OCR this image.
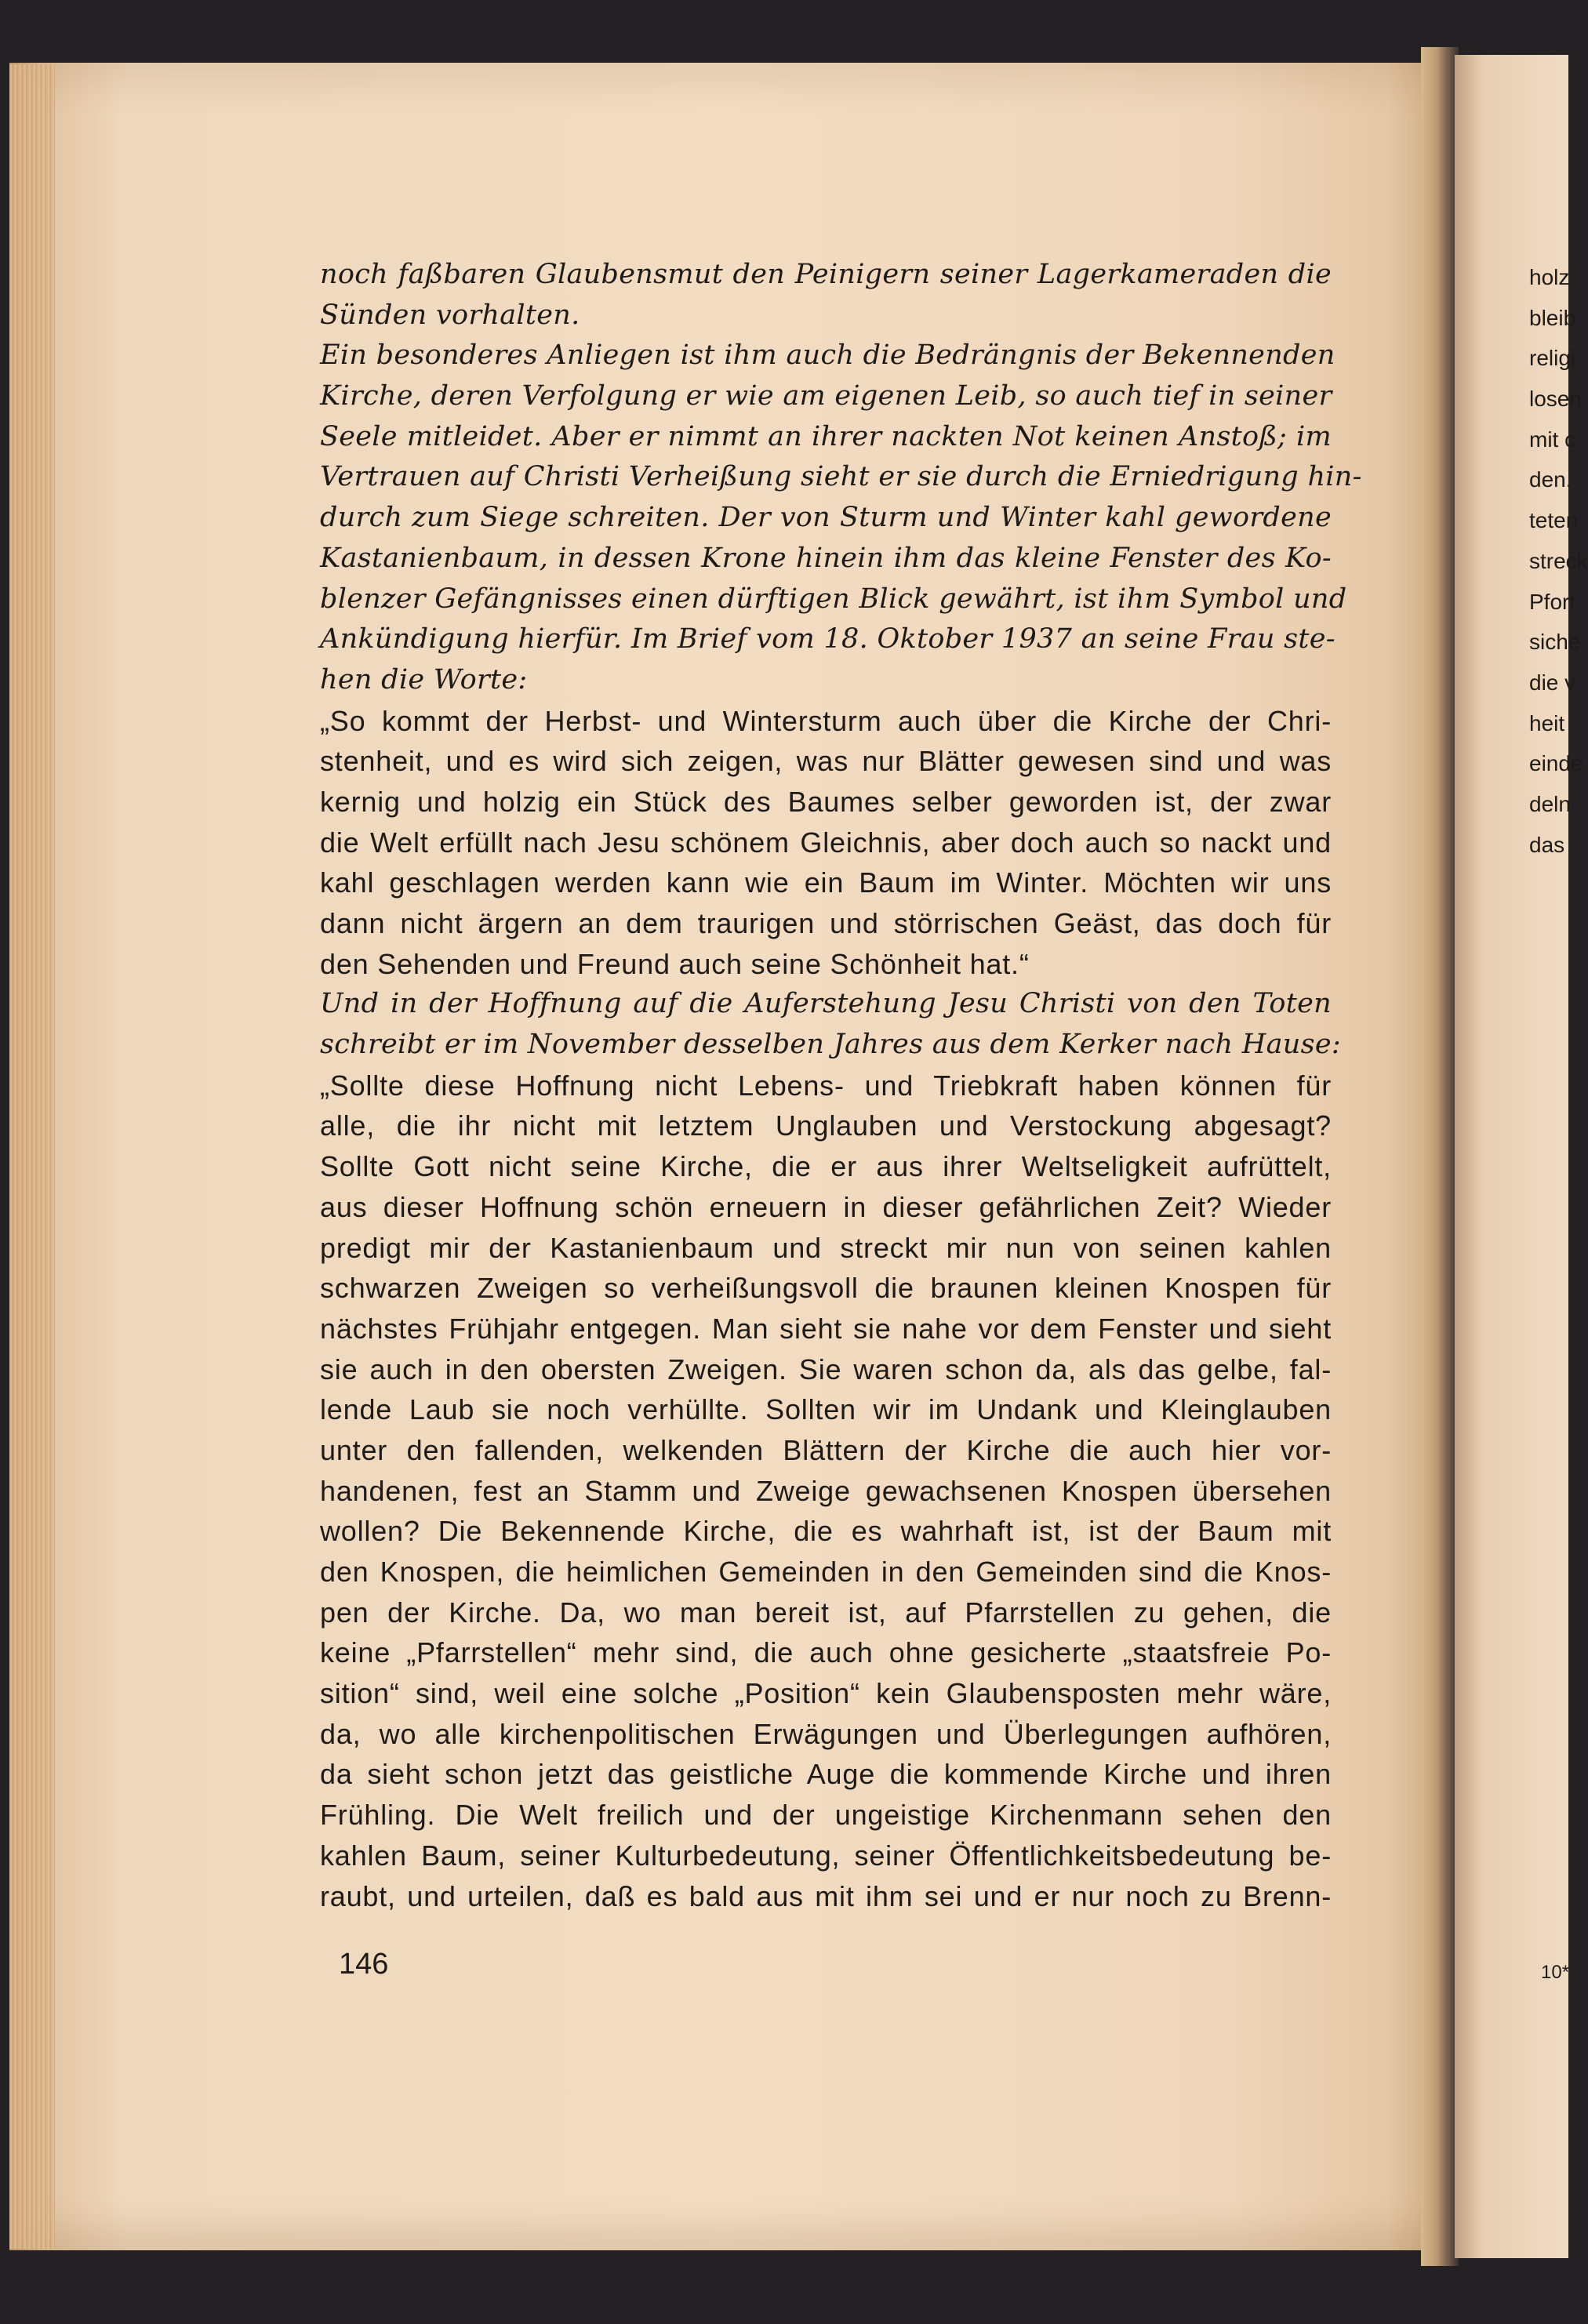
noch faßbaren Glaubensmut den Peinigern seiner Lagerkameraden die
Sünden vorhalten.
Ein besonderes Anliegen ist ihm auch die Bedrängnis der Bekennenden
Kirche, deren Verfolgung er wie am eigenen Leib, so auch tief in seiner
Seele mitleidet. Aber er nimmt an ihrer nackten Not keinen Anstoß; im
Vertrauen auf Christi Verheißung sieht er sie durch die Erniedrigung hin-
durch zum Siege schreiten. Der von Sturm und Winter kahl gewordene
Kastanienbaum, in dessen Krone hinein ihm das kleine Fenster des Ko-
blenzer Gefängnisses einen dürftigen Blick gewährt, ist ihm Symbol und
Ankündigung hierfür. Im Brief vom 18. Oktober 1937 an seine Frau ste-
hen die Worte:
„So kommt der Herbst- und Wintersturm auch über die Kirche der Chri-
stenheit, und es wird sich zeigen, was nur Blätter gewesen sind und was
kernig und holzig ein Stück des Baumes selber geworden ist, der zwar
die Welt erfüllt nach Jesu schönem Gleichnis, aber doch auch so nackt und
kahl geschlagen werden kann wie ein Baum im Winter. Möchten wir uns
dann nicht ärgern an dem traurigen und störrischen Geäst, das doch für
den Sehenden und Freund auch seine Schönheit hat.“
Und in der Hoffnung auf die Auferstehung Jesu Christi von den Toten
schreibt er im November desselben Jahres aus dem Kerker nach Hause:
„Sollte diese Hoffnung nicht Lebens- und Triebkraft haben können für
alle, die ihr nicht mit letztem Unglauben und Verstockung abgesagt?
Sollte Gott nicht seine Kirche, die er aus ihrer Weltseligkeit aufrüttelt,
aus dieser Hoffnung schön erneuern in dieser gefährlichen Zeit? Wieder
predigt mir der Kastanienbaum und streckt mir nun von seinen kahlen
schwarzen Zweigen so verheißungsvoll die braunen kleinen Knospen für
nächstes Frühjahr entgegen. Man sieht sie nahe vor dem Fenster und sieht
sie auch in den obersten Zweigen. Sie waren schon da, als das gelbe, fal-
lende Laub sie noch verhüllte. Sollten wir im Undank und Kleinglauben
unter den fallenden, welkenden Blättern der Kirche die auch hier vor-
handenen, fest an Stamm und Zweige gewachsenen Knospen übersehen
wollen? Die Bekennende Kirche, die es wahrhaft ist, ist der Baum mit
den Knospen, die heimlichen Gemeinden in den Gemeinden sind die Knos-
pen der Kirche. Da, wo man bereit ist, auf Pfarrstellen zu gehen, die
keine „Pfarrstellen“ mehr sind, die auch ohne gesicherte „staatsfreie Po-
sition“ sind, weil eine solche „Position“ kein Glaubensposten mehr wäre,
da, wo alle kirchenpolitischen Erwägungen und Überlegungen aufhören,
da sieht schon jetzt das geistliche Auge die kommende Kirche und ihren
Frühling. Die Welt freilich und der ungeistige Kirchenmann sehen den
kahlen Baum, seiner Kulturbedeutung, seiner Öffentlichkeitsbedeutung be-
raubt, und urteilen, daß es bald aus mit ihm sei und er nur noch zu Brenn-
146
holz
bleib
religi
losen
mit c
den.
teten
streck
Pfort
siche
die v
heit
einde
deln
das
10*
